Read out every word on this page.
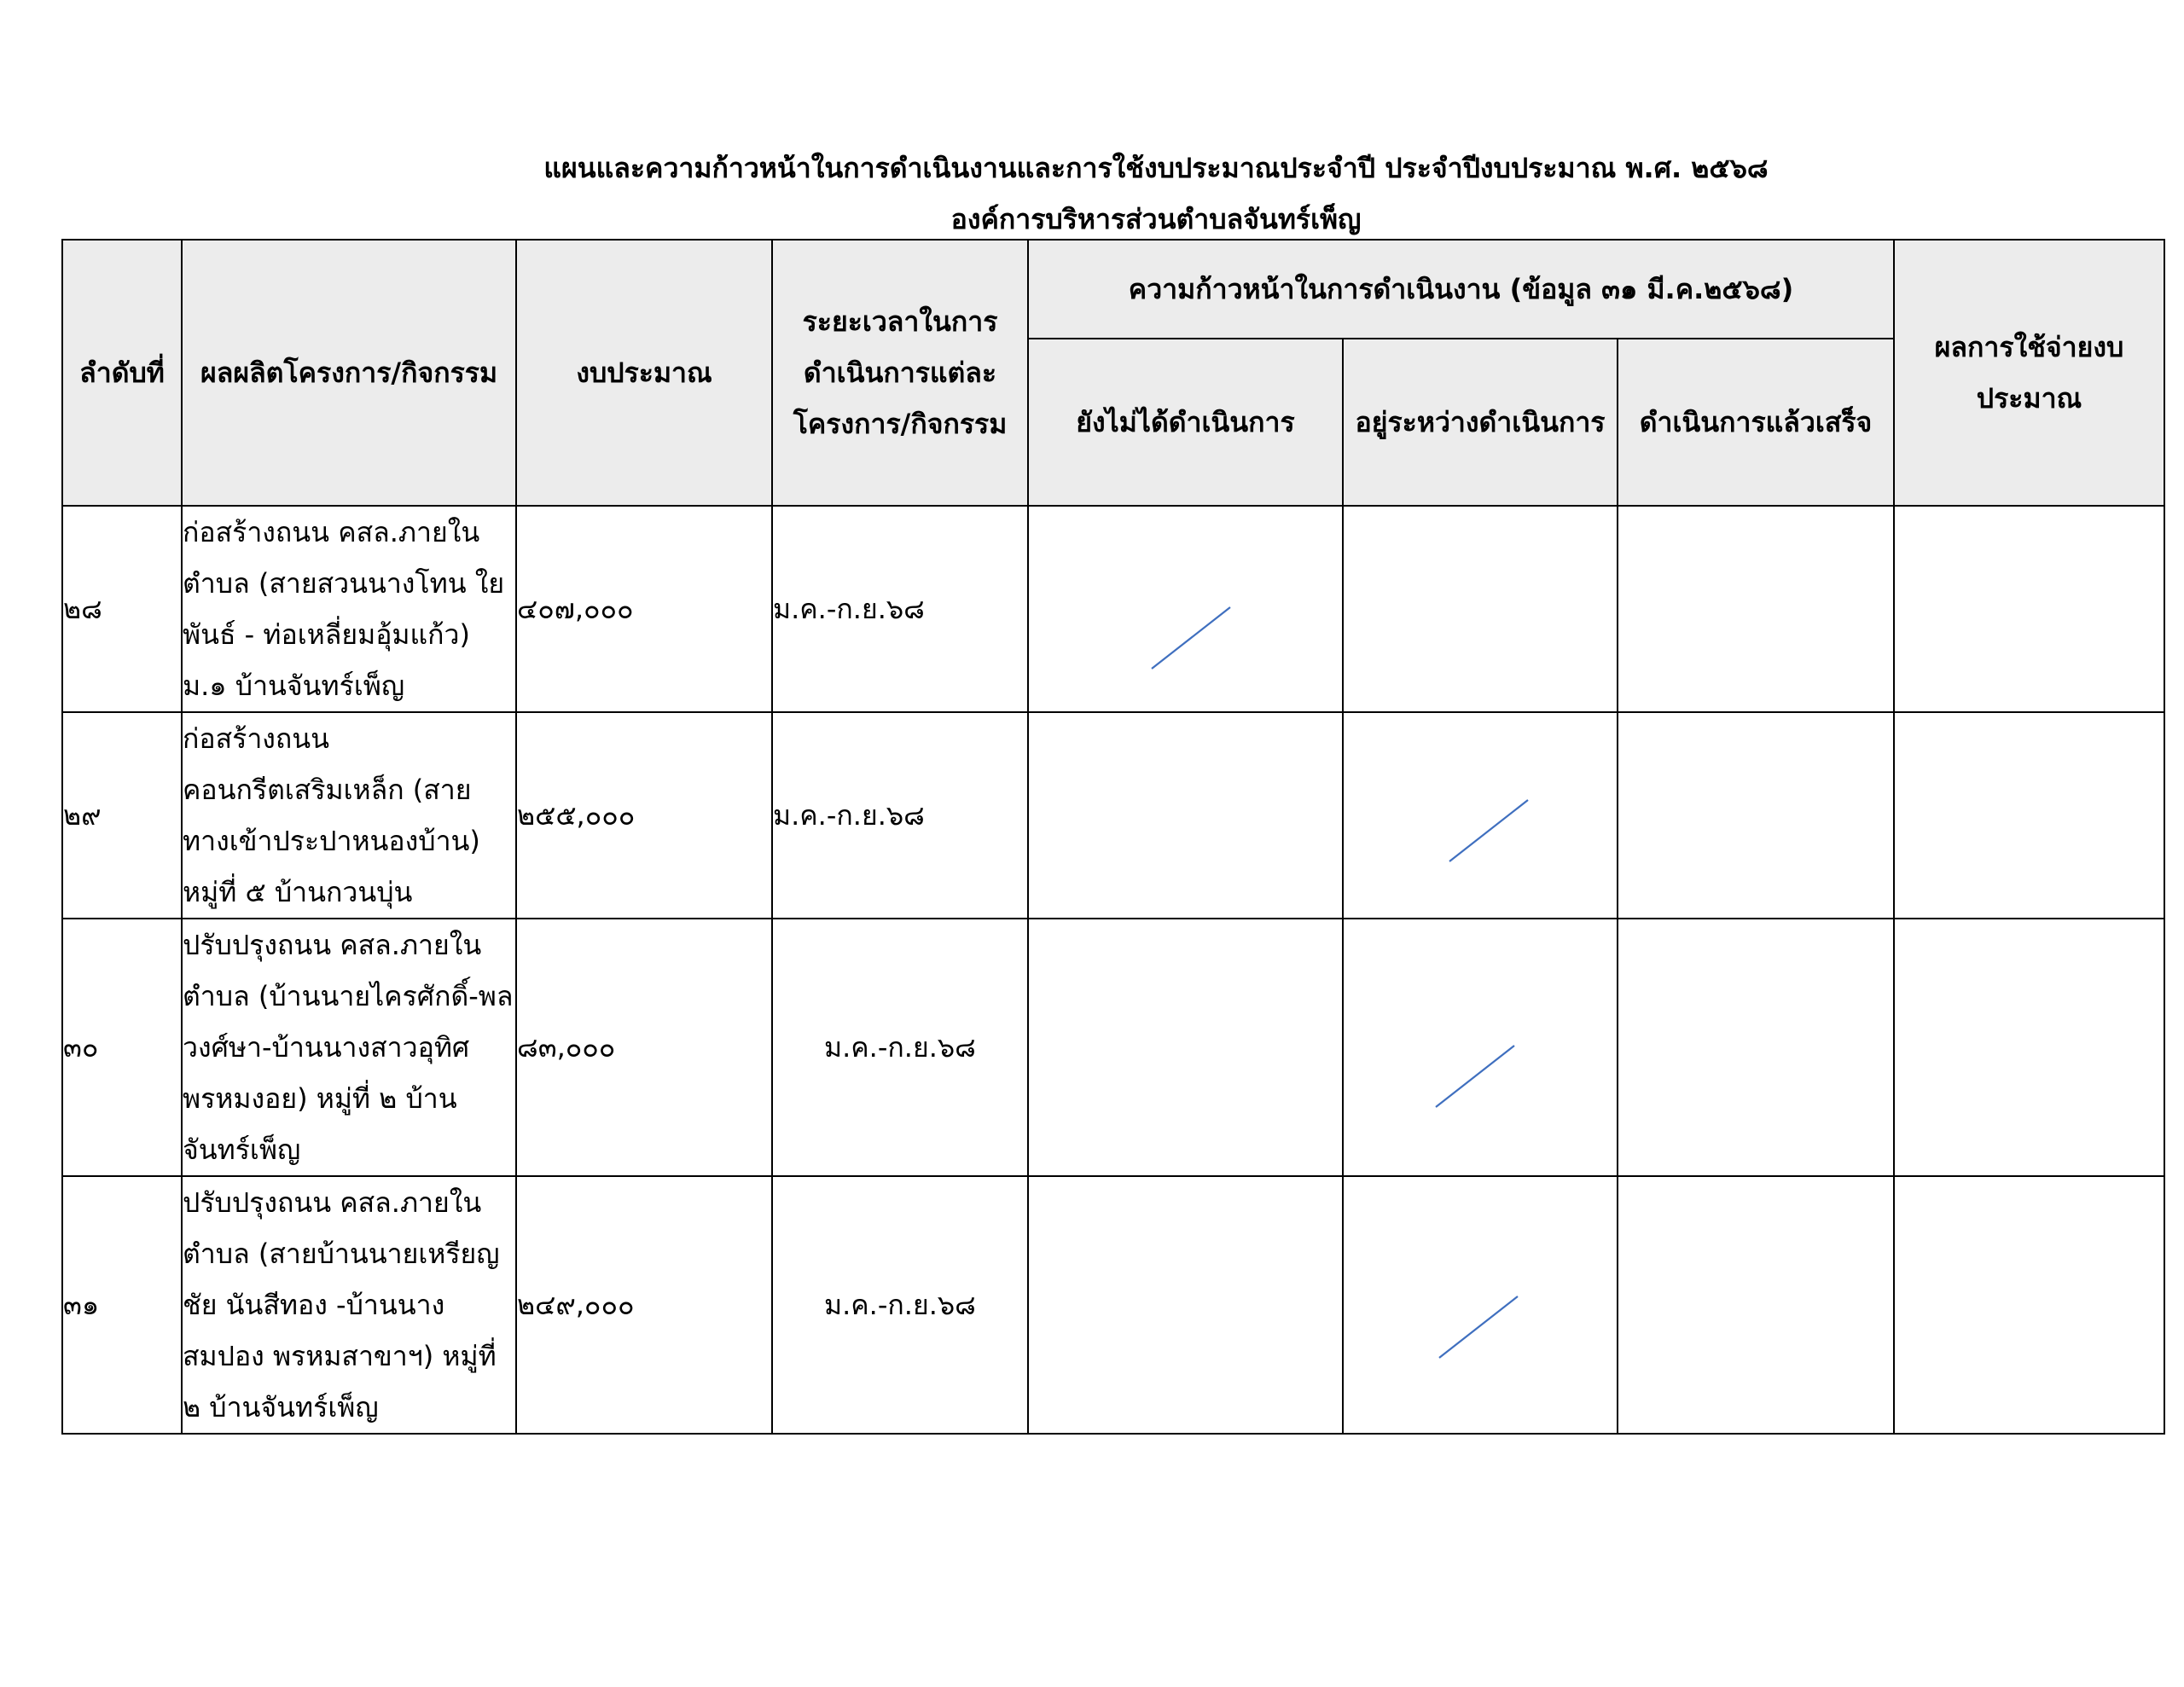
แผนและความก้าวหน้าในการดำเนินงานและการใช้งบประมาณประจำปี ประจำปีงบประมาณ พ.ศ. ๒๕๖๘
องค์การบริหารส่วนตำบลจันทร์เพ็ญ
ลำดับที่	ผลผลิตโครงการ/กิจกรรม	งบประมาณ	ระยะเวลาในการดำเนินการแต่ละโครงการ/กิจกรรม	ความก้าวหน้าในการดำเนินงาน (ข้อมูล ๓๑ มี.ค.๒๕๖๘)			ผลการใช้จ่ายงบประมาณ
				ยังไม่ได้ดำเนินการ	อยู่ระหว่างดำเนินการ	ดำเนินการแล้วเสร็จ	
๒๘	ก่อสร้างถนน คสล.ภายในตำบล (สายสวนนางโทน ใยพันธ์ - ท่อเหลี่ยมอุ้มแก้ว) ม.๑ บ้านจันทร์เพ็ญ	๔๐๗,๐๐๐	ม.ค.-ก.ย.๖๘	

๒๙	ก่อสร้างถนนคอนกรีตเสริมเหล็ก (สายทางเข้าประปาหนองบ้าน) หมู่ที่ ๕ บ้านกวนบุ่น	๒๕๕,๐๐๐	ม.ค.-ก.ย.๖๘		

๓๐	ปรับปรุงถนน คสล.ภายในตำบล (บ้านนายไครศักดิ์-พลวงศ์ษา-บ้านนางสาวอุทิศ พรหมงอย) หมู่ที่ ๒ บ้านจันทร์เพ็ญ	๘๓,๐๐๐	ม.ค.-ก.ย.๖๘		

๓๑	ปรับปรุงถนน คสล.ภายในตำบล (สายบ้านนายเหรียญชัย นันสีทอง -บ้านนางสมปอง พรหมสาขาฯ) หมู่ที่ ๒ บ้านจันทร์เพ็ญ	๒๔๙,๐๐๐	ม.ค.-ก.ย.๖๘		
